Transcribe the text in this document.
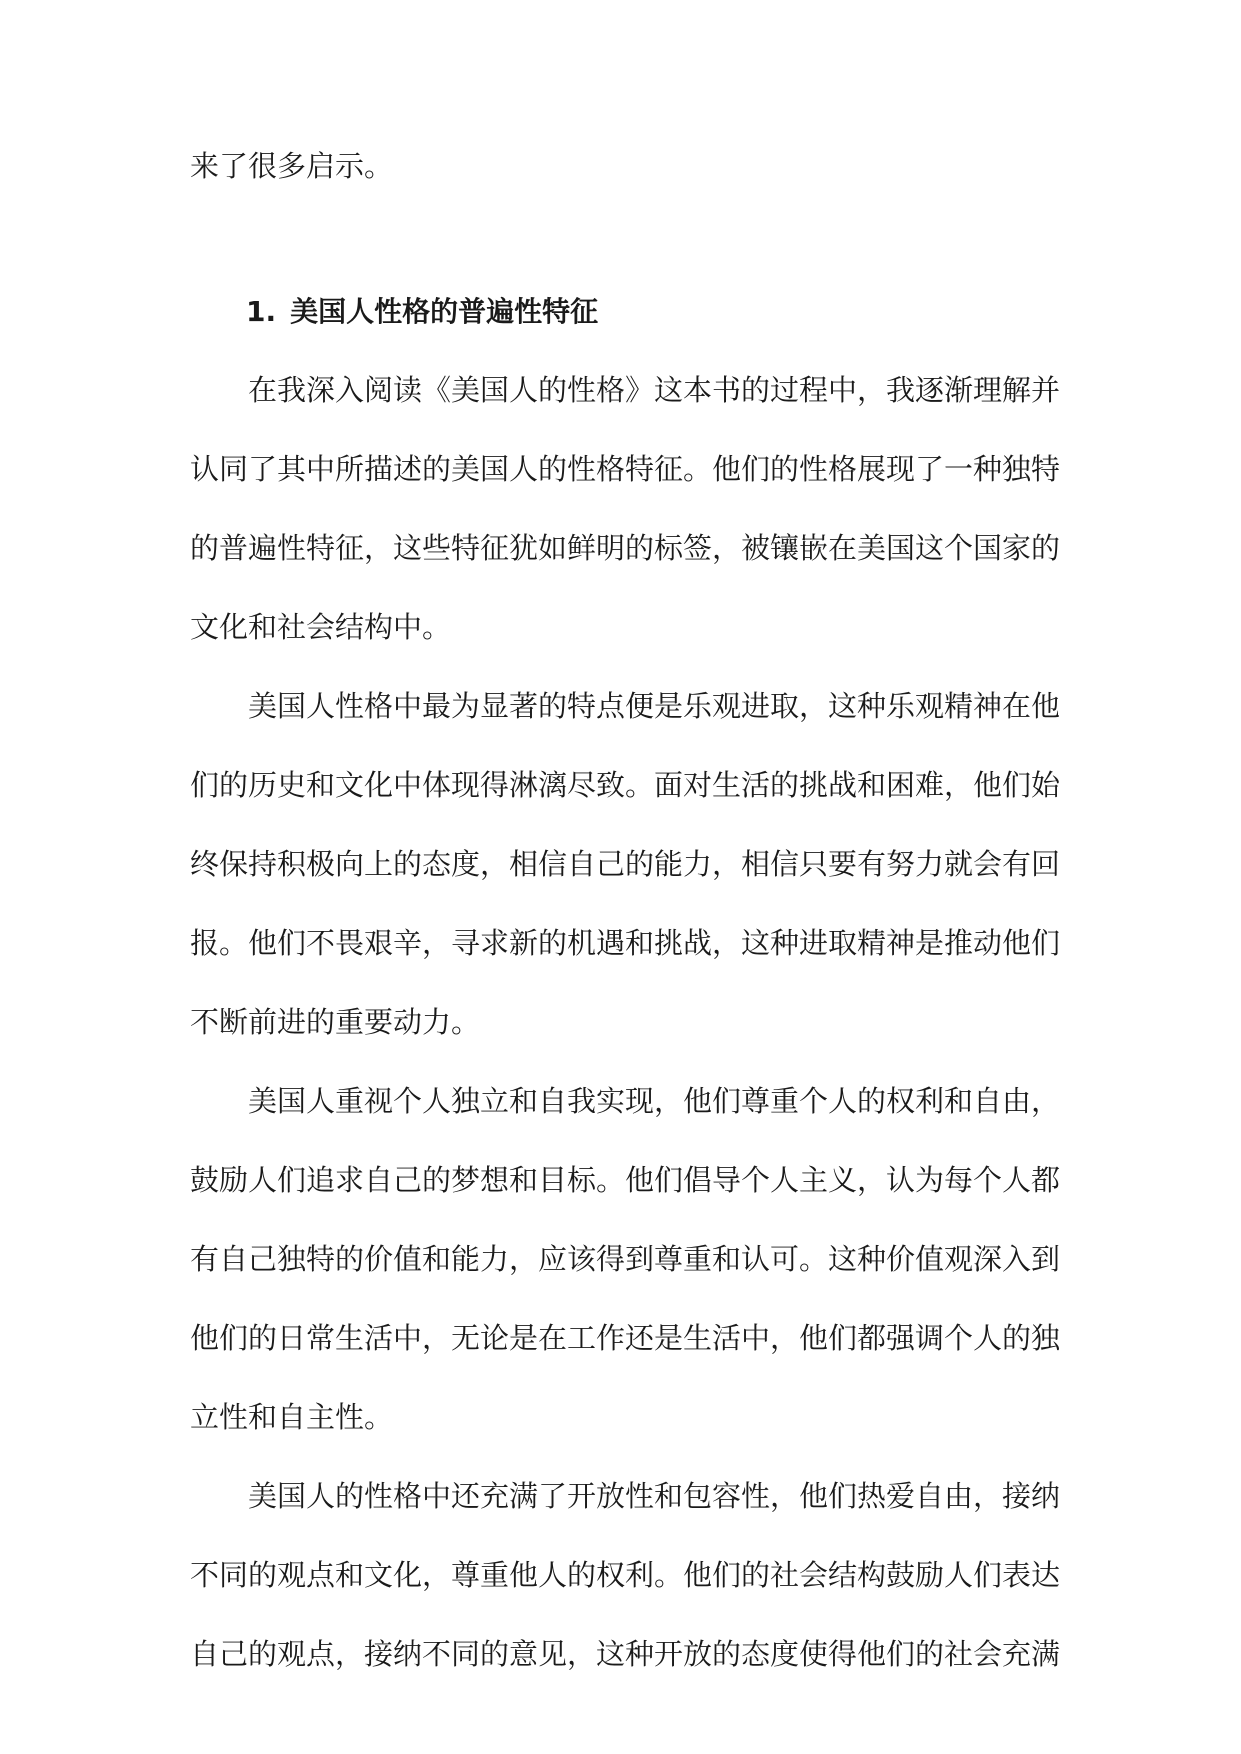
来了很多启示。

1. 美国人性格的普遍性特征

在我深入阅读《美国人的性格》这本书的过程中，我逐渐理解并

认同了其中所描述的美国人的性格特征。他们的性格展现了一种独特

的普遍性特征，这些特征犹如鲜明的标签，被镶嵌在美国这个国家的

文化和社会结构中。

美国人性格中最为显著的特点便是乐观进取，这种乐观精神在他

们的历史和文化中体现得淋漓尽致。面对生活的挑战和困难，他们始

终保持积极向上的态度，相信自己的能力，相信只要有努力就会有回

报。他们不畏艰辛，寻求新的机遇和挑战，这种进取精神是推动他们

不断前进的重要动力。

美国人重视个人独立和自我实现，他们尊重个人的权利和自由，

鼓励人们追求自己的梦想和目标。他们倡导个人主义，认为每个人都

有自己独特的价值和能力，应该得到尊重和认可。这种价值观深入到

他们的日常生活中，无论是在工作还是生活中，他们都强调个人的独

立性和自主性。

美国人的性格中还充满了开放性和包容性，他们热爱自由，接纳

不同的观点和文化，尊重他人的权利。他们的社会结构鼓励人们表达

自己的观点，接纳不同的意见，这种开放的态度使得他们的社会充满
